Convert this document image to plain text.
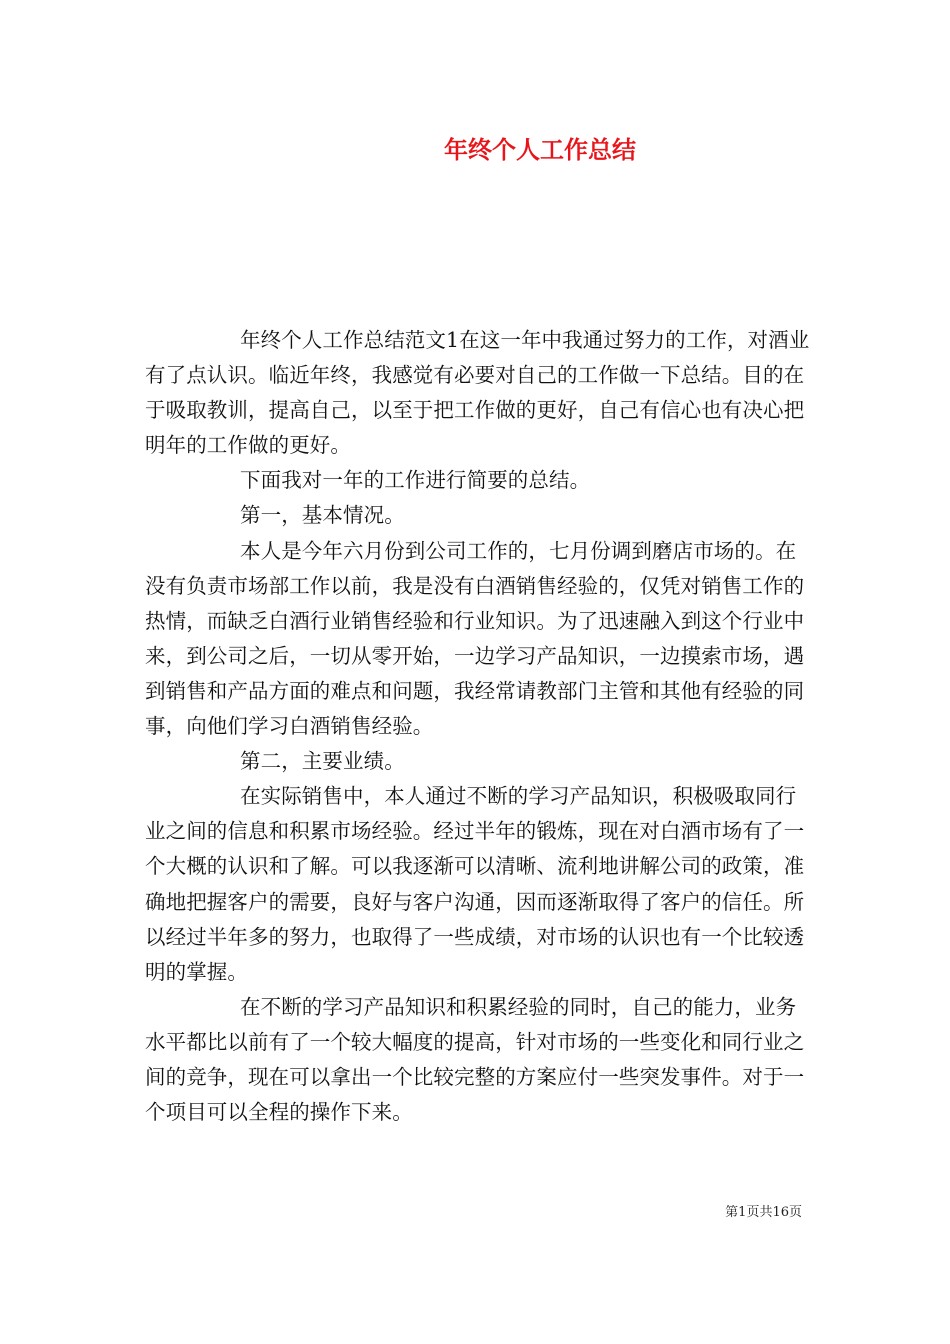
年终个人工作总结

年终个人工作总结范文1在这一年中我通过努力的工作，对酒业有了点认识。临近年终，我感觉有必要对自己的工作做一下总结。目的在于吸取教训，提高自己，以至于把工作做的更好，自己有信心也有决心把明年的工作做的更好。

下面我对一年的工作进行简要的总结。

第一，基本情况。

本人是今年六月份到公司工作的，七月份调到磨店市场的。在没有负责市场部工作以前，我是没有白酒销售经验的，仅凭对销售工作的热情，而缺乏白酒行业销售经验和行业知识。为了迅速融入到这个行业中来，到公司之后，一切从零开始，一边学习产品知识，一边摸索市场，遇到销售和产品方面的难点和问题，我经常请教部门主管和其他有经验的同事，向他们学习白酒销售经验。

第二，主要业绩。

在实际销售中，本人通过不断的学习产品知识，积极吸取同行业之间的信息和积累市场经验。经过半年的锻炼，现在对白酒市场有了一个大概的认识和了解。可以我逐渐可以清晰、流利地讲解公司的政策，准确地把握客户的需要，良好与客户沟通，因而逐渐取得了客户的信任。所以经过半年多的努力，也取得了一些成绩，对市场的认识也有一个比较透明的掌握。

在不断的学习产品知识和积累经验的同时，自己的能力，业务水平都比以前有了一个较大幅度的提高，针对市场的一些变化和同行业之间的竞争，现在可以拿出一个比较完整的方案应付一些突发事件。对于一个项目可以全程的操作下来。

第1页共16页
